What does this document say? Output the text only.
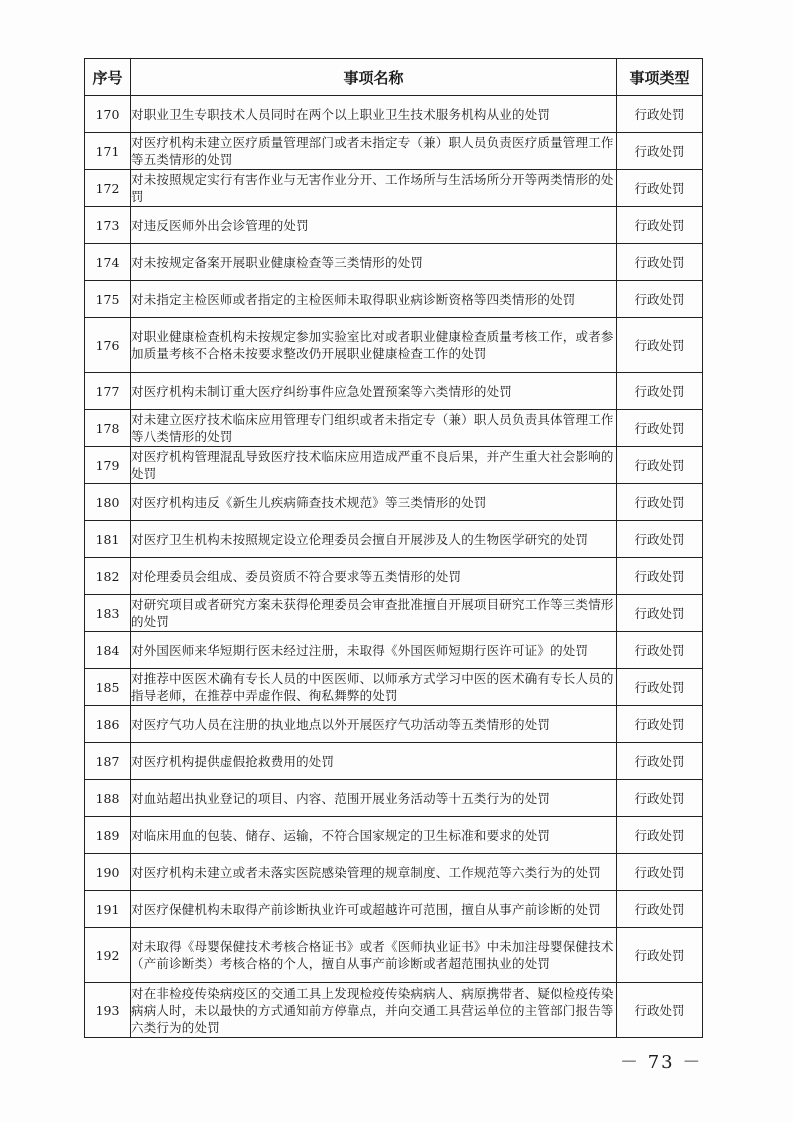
序号	事项名称	事项类型
170	对职业卫生专职技术人员同时在两个以上职业卫生技术服务机构从业的处罚	行政处罚
171	对医疗机构未建立医疗质量管理部门或者未指定专（兼）职人员负责医疗质量管理工作等五类情形的处罚	行政处罚
172	对未按照规定实行有害作业与无害作业分开、工作场所与生活场所分开等两类情形的处罚	行政处罚
173	对违反医师外出会诊管理的处罚	行政处罚
174	对未按规定备案开展职业健康检查等三类情形的处罚	行政处罚
175	对未指定主检医师或者指定的主检医师未取得职业病诊断资格等四类情形的处罚	行政处罚
176	对职业健康检查机构未按规定参加实验室比对或者职业健康检查质量考核工作，或者参加质量考核不合格未按要求整改仍开展职业健康检查工作的处罚	行政处罚
177	对医疗机构未制订重大医疗纠纷事件应急处置预案等六类情形的处罚	行政处罚
178	对未建立医疗技术临床应用管理专门组织或者未指定专（兼）职人员负责具体管理工作等八类情形的处罚	行政处罚
179	对医疗机构管理混乱导致医疗技术临床应用造成严重不良后果，并产生重大社会影响的处罚	行政处罚
180	对医疗机构违反《新生儿疾病筛查技术规范》等三类情形的处罚	行政处罚
181	对医疗卫生机构未按照规定设立伦理委员会擅自开展涉及人的生物医学研究的处罚	行政处罚
182	对伦理委员会组成、委员资质不符合要求等五类情形的处罚	行政处罚
183	对研究项目或者研究方案未获得伦理委员会审查批准擅自开展项目研究工作等三类情形的处罚	行政处罚
184	对外国医师来华短期行医未经过注册，未取得《外国医师短期行医许可证》的处罚	行政处罚
185	对推荐中医医术确有专长人员的中医医师、以师承方式学习中医的医术确有专长人员的指导老师，在推荐中弄虚作假、徇私舞弊的处罚	行政处罚
186	对医疗气功人员在注册的执业地点以外开展医疗气功活动等五类情形的处罚	行政处罚
187	对医疗机构提供虚假抢救费用的处罚	行政处罚
188	对血站超出执业登记的项目、内容、范围开展业务活动等十五类行为的处罚	行政处罚
189	对临床用血的包装、储存、运输，不符合国家规定的卫生标准和要求的处罚	行政处罚
190	对医疗机构未建立或者未落实医院感染管理的规章制度、工作规范等六类行为的处罚	行政处罚
191	对医疗保健机构未取得产前诊断执业许可或超越许可范围，擅自从事产前诊断的处罚	行政处罚
192	对未取得《母婴保健技术考核合格证书》或者《医师执业证书》中未加注母婴保健技术（产前诊断类）考核合格的个人，擅自从事产前诊断或者超范围执业的处罚	行政处罚
193	对在非检疫传染病疫区的交通工具上发现检疫传染病病人、病原携带者、疑似检疫传染病病人时，未以最快的方式通知前方停靠点，并向交通工具营运单位的主管部门报告等六类行为的处罚	行政处罚
－ 73 －
